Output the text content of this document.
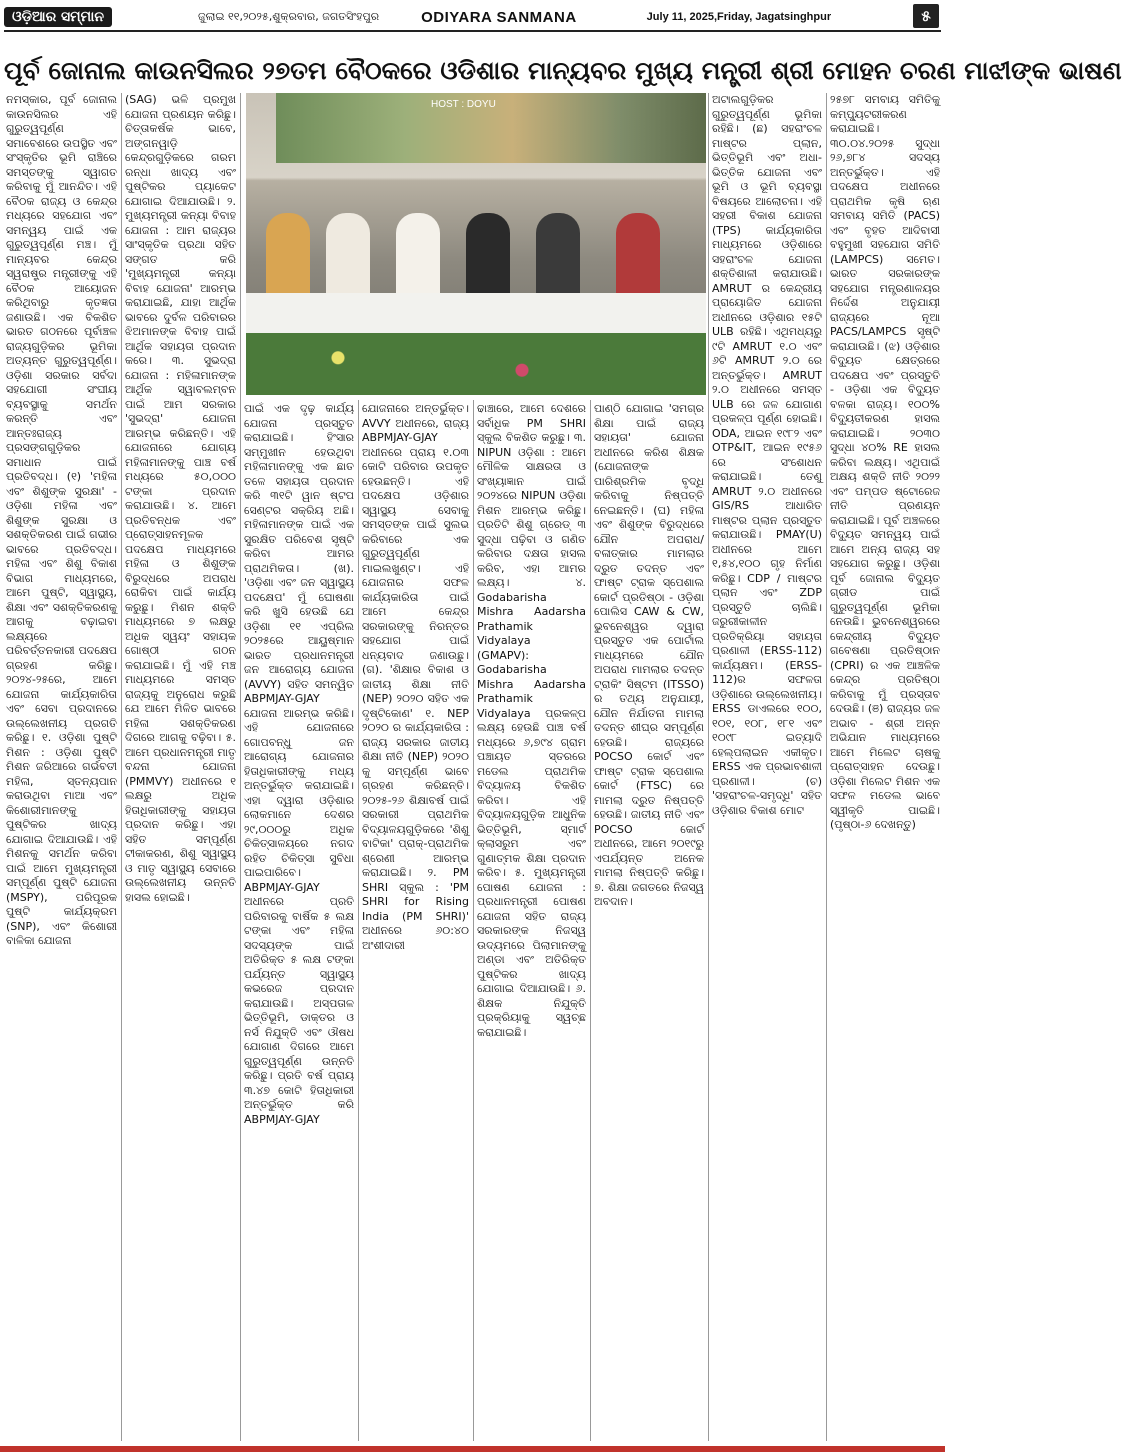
ଓଡ଼ିଆର ସମ୍ମାନ	ଜୁଲାଇ ୧୧,୨୦୨୫,ଶୁକ୍ରବାର, ଜଗତସିଂହପୁର	ODIYARA SANMANA	July 11, 2025,Friday, Jagatsinghpur	୫
ପୂର୍ବ ଜୋନାଲ କାଉନସିଲର ୨୭ତମ ବୈଠକରେ ଓଡିଶାର ମାନ୍ୟବର ମୁଖ୍ୟ ମନ୍ତ୍ରୀ ଶ୍ରୀ ମୋହନ ଚରଣ ମାଝୀଙ୍କ ଭାଷଣ
HOST : DOYU

ନମସ୍କାର, ପୂର୍ବ ଜୋନାଲ କାଉନସିଲର ଏହି ଗୁରୁତ୍ୱପୂର୍ଣ୍ଣ ସମାବେଶରେ ଉପସ୍ଥିତ ଏବଂ ସଂସ୍କୃତିର ଭୂମି ରାଞ୍ଚିରେ ସମସ୍ତଙ୍କୁ ସ୍ୱାଗତ କରିବାକୁ ମୁଁ ଆନନ୍ଦିତ। ଏହି ବୈଠକ ରାଜ୍ୟ ଓ କେନ୍ଦ୍ର ମଧ୍ୟରେ ସହଯୋଗ ଏବଂ ସମନ୍ୱୟ ପାଇଁ ଏକ ଗୁରୁତ୍ୱପୂର୍ଣ୍ଣ ମଞ୍ଚ। ମୁଁ ମାନ୍ୟବର କେନ୍ଦ୍ର ସ୍ୱରାଷ୍ଟ୍ର ମନ୍ତ୍ରୀଙ୍କୁ ଏହି ବୈଠକ ଆୟୋଜନ କରିଥିବାରୁ କୃତଜ୍ଞତା ଜଣାଉଛି। ଏକ ବିକଶିତ ଭାରତ ଗଠନରେ ପୂର୍ବାଞ୍ଚଳ ରାଜ୍ୟଗୁଡ଼ିକର ଭୂମିକା ଅତ୍ୟନ୍ତ ଗୁରୁତ୍ୱପୂର୍ଣ୍ଣ। ଓଡ଼ିଶା ସରକାର ସର୍ବଦା ସହଯୋଗୀ ସଂଘୀୟ ବ୍ୟବସ୍ଥାକୁ ସମର୍ଥନ କରନ୍ତି ଏବଂ ଆନ୍ତଃରାଜ୍ୟ ପ୍ରସଙ୍ଗଗୁଡ଼ିକର ସମାଧାନ ପାଇଁ ପ୍ରତିବଦ୍ଧ। (୧) 'ମହିଳା ଏବଂ ଶିଶୁଙ୍କ ସୁରକ୍ଷା' - ଓଡ଼ିଶା ମହିଳା ଏବଂ ଶିଶୁଙ୍କ ସୁରକ୍ଷା ଓ ସଶକ୍ତିକରଣ ପାଇଁ ଗଭୀର ଭାବରେ ପ୍ରତିବଦ୍ଧ। ମହିଳା ଏବଂ ଶିଶୁ ବିକାଶ ବିଭାଗ ମାଧ୍ୟମରେ, ଆମେ ପୁଷ୍ଟି, ସ୍ୱାସ୍ଥ୍ୟ, ଶିକ୍ଷା ଏବଂ ସଶକ୍ତିକରଣକୁ ଆଗକୁ ବଢ଼ାଇବା ଲକ୍ଷ୍ୟରେ ପରିବର୍ତ୍ତନକାରୀ ପଦକ୍ଷେପ ଗ୍ରହଣ କରିଛୁ। ୨୦୨୪-୨୫ରେ, ଆମେ ଯୋଜନା କାର୍ଯ୍ୟକାରିତା ଏବଂ ସେବା ପ୍ରଦାନରେ ଉଲ୍ଲେଖନୀୟ ପ୍ରଗତି କରିଛୁ। ୧. ଓଡ଼ିଶା ପୁଷ୍ଟି ମିଶନ : ଓଡ଼ିଶା ପୁଷ୍ଟି ମିଶନ ଜରିଆରେ ଗର୍ଭବତୀ ମହିଳା, ସ୍ତନ୍ୟପାନ କରାଉଥିବା ମାଆ ଏବଂ କିଶୋରୀମାନଙ୍କୁ ପୁଷ୍ଟିକର ଖାଦ୍ୟ ଯୋଗାଇ ଦିଆଯାଉଛି। ଏହି ମିଶନକୁ ସମର୍ଥନ କରିବା ପାଇଁ ଆମେ ମୁଖ୍ୟମନ୍ତ୍ରୀ ସମ୍ପୂର୍ଣ୍ଣ ପୁଷ୍ଟି ଯୋଜନା (MSPY), ପରିପୂରକ ପୁଷ୍ଟି କାର୍ଯ୍ୟକ୍ରମ (SNP), ଏବଂ କିଶୋରୀ ବାଳିକା ଯୋଜନା

(SAG) ଭଳି ପ୍ରମୁଖ ଯୋଜନା ପ୍ରଣୟନ କରିଛୁ। ଚିତ୍ତାକର୍ଷକ ଭାବେ, ଅଙ୍ଗନୱାଡ଼ି କେନ୍ଦ୍ରଗୁଡ଼ିକରେ ଗରମ ରନ୍ଧା ଖାଦ୍ୟ ଏବଂ ପୁଷ୍ଟିକର ପ୍ୟାକେଟ ଯୋଗାଇ ଦିଆଯାଉଛି। ୨. ମୁଖ୍ୟମନ୍ତ୍ରୀ କନ୍ୟା ବିବାହ ଯୋଜନା : ଆମ ରାଜ୍ୟର ସାଂସ୍କୃତିକ ପ୍ରଥା ସହିତ ସଙ୍ଗତ କରି 'ମୁଖ୍ୟମନ୍ତ୍ରୀ କନ୍ୟା ବିବାହ ଯୋଜନା' ଆରମ୍ଭ କରାଯାଇଛି, ଯାହା ଆର୍ଥିକ ଭାବରେ ଦୁର୍ବଳ ପରିବାରର ଝିଅମାନଙ୍କ ବିବାହ ପାଇଁ ଆର୍ଥିକ ସହାୟତା ପ୍ରଦାନ କରେ। ୩. ସୁଭଦ୍ରା ଯୋଜନା : ମହିଳାମାନଙ୍କ ଆର୍ଥିକ ସ୍ୱାବଲମ୍ବନ ପାଇଁ ଆମ ସରକାର 'ସୁଭଦ୍ରା' ଯୋଜନା ଆରମ୍ଭ କରିଛନ୍ତି। ଏହି ଯୋଜନାରେ ଯୋଗ୍ୟ ମହିଳାମାନଙ୍କୁ ପାଞ୍ଚ ବର୍ଷ ମଧ୍ୟରେ ୫୦,୦୦୦ ଟଙ୍କା ପ୍ରଦାନ କରାଯାଉଛି। ୪. ଆମେ ପ୍ରତିବନ୍ଧକ ଏବଂ ପ୍ରୋତ୍ସାହନମୂଳକ ପଦକ୍ଷେପ ମାଧ୍ୟମରେ ମହିଳା ଓ ଶିଶୁଙ୍କ ବିରୁଦ୍ଧରେ ଅପରାଧ ରୋକିବା ପାଇଁ କାର୍ଯ୍ୟ କରୁଛୁ। ମିଶନ ଶକ୍ତି ମାଧ୍ୟମରେ ୭ ଲକ୍ଷରୁ ଅଧିକ ସ୍ୱୟଂ ସହାୟକ ଗୋଷ୍ଠୀ ଗଠନ କରାଯାଇଛି। ମୁଁ ଏହି ମଞ୍ଚ ମାଧ୍ୟମରେ ସମସ୍ତ ରାଜ୍ୟକୁ ଅନୁରୋଧ କରୁଛି ଯେ ଆମେ ମିଳିତ ଭାବରେ ମହିଳା ସଶକ୍ତିକରଣ ଦିଗରେ ଆଗକୁ ବଢ଼ିବା। ୫. ଆମେ ପ୍ରଧାନମନ୍ତ୍ରୀ ମାତୃ ବନ୍ଦନା ଯୋଜନା (PMMVY) ଅଧୀନରେ ୧ ଲକ୍ଷରୁ ଅଧିକ ହିତାଧିକାରୀଙ୍କୁ ସହାୟତା ପ୍ରଦାନ କରିଛୁ। ଏହା ସହିତ ସମ୍ପୂର୍ଣ୍ଣ ଟୀକାକରଣ, ଶିଶୁ ସ୍ୱାସ୍ଥ୍ୟ ଓ ମାତୃ ସ୍ୱାସ୍ଥ୍ୟ ସେବାରେ ଉଲ୍ଲେଖନୀୟ ଉନ୍ନତି ହାସଲ ହୋଇଛି।

ପାଇଁ ଏକ ଦୃଢ଼ କାର୍ଯ୍ୟ ଯୋଜନା ପ୍ରସ୍ତୁତ କରାଯାଇଛି। ହିଂସାର ସମ୍ମୁଖୀନ ହେଉଥିବା ମହିଳାମାନଙ୍କୁ ଏକ ଛାତ ତଳେ ସହାୟତା ପ୍ରଦାନ କରି ୩୧ଟି ୱାନ ଷ୍ଟପ ସେଣ୍ଟର ସକ୍ରିୟ ଅଛି। ମହିଳାମାନଙ୍କ ପାଇଁ ଏକ ସୁରକ୍ଷିତ ପରିବେଶ ସୃଷ୍ଟି କରିବା ଆମର ପ୍ରାଥମିକତା। (ଖ). 'ଓଡ଼ିଶା ଏବଂ ଜନ ସ୍ୱାସ୍ଥ୍ୟ ପଦକ୍ଷେପ' ମୁଁ ଘୋଷଣା କରି ଖୁସି ହେଉଛି ଯେ ଓଡ଼ିଶା ୧୧ ଏପ୍ରିଲ ୨୦୨୫ରେ ଆୟୁଷ୍ମାନ ଭାରତ ପ୍ରଧାନମନ୍ତ୍ରୀ ଜନ ଆରୋଗ୍ୟ ଯୋଜନା (AVVY) ସହିତ ସମନ୍ୱିତ ABPMJAY-GJAY ଯୋଜନା ଆରମ୍ଭ କରିଛି। ଏହି ଯୋଜନାରେ ଗୋପବନ୍ଧୁ ଜନ ଆରୋଗ୍ୟ ଯୋଜନାର ହିତାଧିକାରୀଙ୍କୁ ମଧ୍ୟ ଅନ୍ତର୍ଭୁକ୍ତ କରାଯାଇଛି। ଏହା ଦ୍ୱାରା ଓଡ଼ିଶାର ଲୋକମାନେ ଦେଶର ୨୯,୦୦୦ରୁ ଅଧିକ ଚିକିତ୍ସାଳୟରେ ନଗଦ ରହିତ ଚିକିତ୍ସା ସୁବିଧା ପାଇପାରିବେ। ABPMJAY-GJAY ଅଧୀନରେ ପ୍ରତି ପରିବାରକୁ ବାର୍ଷିକ ୫ ଲକ୍ଷ ଟଙ୍କା ଏବଂ ମହିଳା ସଦସ୍ୟଙ୍କ ପାଇଁ ଅତିରିକ୍ତ ୫ ଲକ୍ଷ ଟଙ୍କା ପର୍ଯ୍ୟନ୍ତ ସ୍ୱାସ୍ଥ୍ୟ କଭରେଜ ପ୍ରଦାନ କରାଯାଉଛି। ଅସ୍ପତାଳ ଭିତ୍ତିଭୂମି, ଡାକ୍ତର ଓ ନର୍ସ ନିଯୁକ୍ତି ଏବଂ ଔଷଧ ଯୋଗାଣ ଦିଗରେ ଆମେ ଗୁରୁତ୍ୱପୂର୍ଣ୍ଣ ଉନ୍ନତି କରିଛୁ। ପ୍ରତି ବର୍ଷ ପ୍ରାୟ ୩.୪୭ କୋଟି ହିତାଧିକାରୀ ଅନ୍ତର୍ଭୁକ୍ତ କରି ABPMJAY-GJAY

ଯୋଜନାରେ ଅନ୍ତର୍ଭୁକ୍ତ। AVVY ଅଧୀନରେ, ରାଜ୍ୟ ABPMJAY-GJAY ଅଧୀନରେ ପ୍ରାୟ ୧.୦୩ କୋଟି ପରିବାର ଉପକୃତ ହେଉଛନ୍ତି। ଏହି ପଦକ୍ଷେପ ଓଡ଼ିଶାର ସ୍ୱାସ୍ଥ୍ୟ ସେବାକୁ ସମସ୍ତଙ୍କ ପାଇଁ ସୁଲଭ କରିବାରେ ଏକ ଗୁରୁତ୍ୱପୂର୍ଣ୍ଣ ମାଇଲଖୁଣ୍ଟ। ଏହି ଯୋଜନାର ସଫଳ କାର୍ଯ୍ୟକାରିତା ପାଇଁ ଆମେ କେନ୍ଦ୍ର ସରକାରଙ୍କୁ ନିରନ୍ତର ସହଯୋଗ ପାଇଁ ଧନ୍ୟବାଦ ଜଣାଉଛୁ। (ଗ). 'ଶିକ୍ଷାର ବିକାଶ ଓ ଜାତୀୟ ଶିକ୍ଷା ନୀତି (NEP) ୨୦୨୦ ସହିତ ଏକ ଦୃଷ୍ଟିକୋଣ' ୧. NEP ୨୦୨୦ ର କାର୍ଯ୍ୟକାରିତା : ରାଜ୍ୟ ସରକାର ଜାତୀୟ ଶିକ୍ଷା ନୀତି (NEP) ୨୦୨୦ କୁ ସମ୍ପୂର୍ଣ୍ଣ ଭାବେ ଗ୍ରହଣ କରିଛନ୍ତି। ୨୦୨୫-୨୬ ଶିକ୍ଷାବର୍ଷ ପାଇଁ ସରକାରୀ ପ୍ରାଥମିକ ବିଦ୍ୟାଳୟଗୁଡ଼ିକରେ 'ଶିଶୁ ବାଟିକା' ପ୍ରାକ୍-ପ୍ରାଥମିକ ଶ୍ରେଣୀ ଆରମ୍ଭ କରାଯାଇଛି। ୨. PM SHRI ସ୍କୁଲ : 'PM SHRI for Rising India (PM SHRI)' ଅଧୀନରେ ୬୦:୪୦ ଅଂଶୀଦାରୀ

ଢାଞ୍ଚାରେ, ଆମେ ଦେଶରେ ସର୍ବାଧିକ PM SHRI ସ୍କୁଲ ବିକଶିତ କରୁଛୁ। ୩. NIPUN ଓଡ଼ିଶା : ଆମେ ମୌଳିକ ସାକ୍ଷରତା ଓ ସଂଖ୍ୟାଜ୍ଞାନ ପାଇଁ ୨୦୨୪ରେ NIPUN ଓଡ଼ିଶା ମିଶନ ଆରମ୍ଭ କରିଛୁ। ପ୍ରତିଟି ଶିଶୁ ଗ୍ରେଡ୍ ୩ ସୁଦ୍ଧା ପଢ଼ିବା ଓ ଗଣିତ କରିବାର ଦକ୍ଷତା ହାସଲ କରିବ, ଏହା ଆମର ଲକ୍ଷ୍ୟ। ୪. Godabarisha Mishra Aadarsha Prathamik Vidyalaya (GMAPV): Godabarisha Mishra Aadarsha Prathamik Vidyalaya ପ୍ରକଳ୍ପ ଲକ୍ଷ୍ୟ ହେଉଛି ପାଞ୍ଚ ବର୍ଷ ମଧ୍ୟରେ ୬,୭୯୪ ଗ୍ରାମ ପଞ୍ଚାୟତ ସ୍ତରରେ ମଡେଲ ପ୍ରାଥମିକ ବିଦ୍ୟାଳୟ ବିକଶିତ କରିବା। ଏହି ବିଦ୍ୟାଳୟଗୁଡ଼ିକ ଆଧୁନିକ ଭିତ୍ତିଭୂମି, ସ୍ମାର୍ଟ କ୍ଲାସରୁମ ଏବଂ ଗୁଣାତ୍ମକ ଶିକ୍ଷା ପ୍ରଦାନ କରିବ। ୫. ମୁଖ୍ୟମନ୍ତ୍ରୀ ପୋଷଣ ଯୋଜନା : ପ୍ରଧାନମନ୍ତ୍ରୀ ପୋଷଣ ଯୋଜନା ସହିତ ରାଜ୍ୟ ସରକାରଙ୍କ ନିଜସ୍ୱ ଉଦ୍ୟମରେ ପିଲାମାନଙ୍କୁ ଅଣ୍ଡା ଏବଂ ଅତିରିକ୍ତ ପୁଷ୍ଟିକର ଖାଦ୍ୟ ଯୋଗାଇ ଦିଆଯାଉଛି। ୬. ଶିକ୍ଷକ ନିଯୁକ୍ତି ପ୍ରକ୍ରିୟାକୁ ସ୍ୱଚ୍ଛ କରାଯାଇଛି।

ପାଣ୍ଠି ଯୋଗାଇ 'ସମଗ୍ର ଶିକ୍ଷା ପାଇଁ ରାଜ୍ୟ ସହାୟତା' ଯୋଜନା ଅଧୀନରେ କରିଶ ଶିକ୍ଷକ (ଯୋଜନାଙ୍କ ପାରିଶ୍ରମିକ ବୃଦ୍ଧି କରିବାକୁ ନିଷ୍ପତ୍ତି ନେଇଛନ୍ତି। (ଘ) ମହିଳା ଏବଂ ଶିଶୁଙ୍କ ବିରୁଦ୍ଧରେ ଯୌନ ଅପରାଧ/ ବଳାତ୍କାର ମାମଲାର ଦ୍ରୁତ ତଦନ୍ତ ଏବଂ ଫାଷ୍ଟ ଟ୍ରାକ ସ୍ପେଶାଲ କୋର୍ଟ ପ୍ରତିଷ୍ଠା - ଓଡ଼ିଶା ପୋଲିସ CAW & CW, ଭୁବନେଶ୍ୱର ଦ୍ୱାରା ପ୍ରସ୍ତୁତ ଏକ ପୋର୍ଟାଲ ମାଧ୍ୟମରେ ଯୌନ ଅପରାଧ ମାମଲାର ତଦନ୍ତ ଟ୍ରାକିଂ ସିଷ୍ଟମ (ITSSO) ର ତଥ୍ୟ ଅନୁଯାୟୀ, ଯୌନ ନିର୍ଯାତନା ମାମଲା ତଦନ୍ତ ଶୀଘ୍ର ସମ୍ପୂର୍ଣ୍ଣ ହେଉଛି। ରାଜ୍ୟରେ POCSO କୋର୍ଟ ଏବଂ ଫାଷ୍ଟ ଟ୍ରାକ ସ୍ପେଶାଲ କୋର୍ଟ (FTSC) ରେ ମାମଲା ଦ୍ରୁତ ନିଷ୍ପତ୍ତି ହେଉଛି। ଜାତୀୟ ନୀତି ଏବଂ POCSO କୋର୍ଟ ଅଧୀନରେ, ଆମେ ୨୦୧୯ରୁ ଏପର୍ଯ୍ୟନ୍ତ ଅନେକ ମାମଲା ନିଷ୍ପତ୍ତି କରିଛୁ। ୭. ଶିକ୍ଷା ଜଗତରେ ନିଜସ୍ୱ ଅବଦାନ।

ଅଟାଲଗୁଡ଼ିକର ଗୁରୁତ୍ୱପୂର୍ଣ୍ଣ ଭୂମିକା ରହିଛି। (ଛ) ସହରାଂଚଳ ମାଷ୍ଟର ପ୍ଲାନ, ଭିତ୍ତିଭୂମି ଏବଂ ଅଧା-ଭିତ୍ତିକ ଯୋଜନା ଏବଂ ଭୂମି ଓ ଭୂମି ବ୍ୟବସ୍ଥା ବିଷୟରେ ଆଲୋଚନା। ଏହି ସହରୀ ବିକାଶ ଯୋଜନା (TPS) କାର୍ଯ୍ୟକାରିତା ମାଧ୍ୟମରେ ଓଡ଼ିଶାରେ ସହରାଂଚଳ ଯୋଜନା ଶକ୍ତିଶାଳୀ କରାଯାଉଛି। AMRUT ର କେନ୍ଦ୍ରୀୟ ପ୍ରାୟୋଜିତ ଯୋଜନା ଅଧୀନରେ ଓଡ଼ିଶାର ୧୫ଟି ULB ରହିଛି। ଏଥିମଧ୍ୟରୁ ୯ଟି AMRUT ୧.୦ ଏବଂ ୬ଟି AMRUT ୨.୦ ରେ ଅନ୍ତର୍ଭୁକ୍ତ। AMRUT ୨.୦ ଅଧୀନରେ ସମସ୍ତ ULB ରେ ଜଳ ଯୋଗାଣ ପ୍ରକଳ୍ପ ପୂର୍ଣ୍ଣ ହୋଇଛି। ODA, ଆଇନ ୧୯୮୨ ଏବଂ OTP&IT, ଆଇନ ୧୯୫୬ ରେ ସଂଶୋଧନ କରାଯାଇଛି। ତେଣୁ AMRUT ୨.୦ ଅଧୀନରେ GIS/RS ଆଧାରିତ ମାଷ୍ଟର ପ୍ଲାନ ପ୍ରସ୍ତୁତ କରାଯାଉଛି। PMAY(U) ଅଧୀନରେ ଆମେ ୧,୫୪,୧୦୦ ଗୃହ ନିର୍ମାଣ କରିଛୁ। CDP / ମାଷ୍ଟର ପ୍ଲାନ ଏବଂ ZDP ପ୍ରସ୍ତୁତି ଚାଲିଛି। ଜରୁରୀକାଳୀନ ପ୍ରତିକ୍ରିୟା ସହାୟତା ପ୍ରଣାଳୀ (ERSS-112) କାର୍ଯ୍ୟକ୍ଷମ। (ERSS-112)ର ସଫଳତା ଓଡ଼ିଶାରେ ଉଲ୍ଲେଖନୀୟ। ERSS ଡାଏଲରେ ୧୦୦, ୧୦୧, ୧୦୮, ୧୮୧ ଏବଂ ୧୦୯୮ ଇତ୍ୟାଦି ହେଲ୍ପଲାଇନ ଏକୀକୃତ। ERSS ଏକ ପ୍ରଭାବଶାଳୀ ପ୍ରଣାଳୀ। (ଚ) 'ସହରାଂଚଳ-ସମୃଦ୍ଧି' ସହିତ ଓଡ଼ିଶାର ବିକାଶ ମୋଟ

୨୫୭୮ ସମବାୟ ସମିତିକୁ କମ୍ପ୍ୟୁଟରୀକରଣ କରାଯାଇଛି। ୩୦.୦୪.୨୦୨୫ ସୁଦ୍ଧା ୨୬,୭୮୪ ସଦସ୍ୟ ଅନ୍ତର୍ଭୁକ୍ତ। ଏହି ପଦକ୍ଷେପ ଅଧୀନରେ ପ୍ରାଥମିକ କୃଷି ଋଣ ସମବାୟ ସମିତି (PACS) ଏବଂ ବୃହତ ଆଦିବାସୀ ବହୁମୁଖୀ ସହଯୋଗ ସମିତି (LAMPCS) ସମେତ। ଭାରତ ସରକାରଙ୍କ ସହଯୋଗ ମନ୍ତ୍ରଣାଳୟର ନିର୍ଦ୍ଦେଶ ଅନୁଯାୟୀ ରାଜ୍ୟରେ ନୂଆ PACS/LAMPCS ସୃଷ୍ଟି କରାଯାଉଛି। (ଝ) ଓଡ଼ିଶାର ବିଦ୍ୟୁତ କ୍ଷେତ୍ରରେ ପଦକ୍ଷେପ ଏବଂ ପ୍ରସ୍ତୁତି - ଓଡ଼ିଶା ଏକ ବିଦ୍ୟୁତ ବଳକା ରାଜ୍ୟ। ୧୦୦% ବିଦ୍ୟୁତୀକରଣ ହାସଲ କରାଯାଇଛି। ୨୦୩୦ ସୁଦ୍ଧା ୪୦% RE ହାସଲ କରିବା ଲକ୍ଷ୍ୟ। ଏଥିପାଇଁ ଅକ୍ଷୟ ଶକ୍ତି ନୀତି ୨୦୨୨ ଏବଂ ପମ୍ପଡ ଷ୍ଟୋରେଜ ନୀତି ପ୍ରଣୟନ କରାଯାଇଛି। ପୂର୍ବ ଅଞ୍ଚଳରେ ବିଦ୍ୟୁତ ସମନ୍ୱୟ ପାଇଁ ଆମେ ଅନ୍ୟ ରାଜ୍ୟ ସହ ସହଯୋଗ କରୁଛୁ। ଓଡ଼ିଶା ପୂର୍ବ ଜୋନାଲ ବିଦ୍ୟୁତ ଗ୍ରୀଡ ପାଇଁ ଗୁରୁତ୍ୱପୂର୍ଣ୍ଣ ଭୂମିକା ନେଉଛି। ଭୁବନେଶ୍ୱରରେ କେନ୍ଦ୍ରୀୟ ବିଦ୍ୟୁତ ଗବେଷଣା ପ୍ରତିଷ୍ଠାନ (CPRI) ର ଏକ ଆଞ୍ଚଳିକ କେନ୍ଦ୍ର ପ୍ରତିଷ୍ଠା କରିବାକୁ ମୁଁ ପ୍ରସ୍ତାବ ଦେଉଛି। (ଞ) ରାଜ୍ୟର ଜଳ ଅଭାବ - ଶ୍ରୀ ଅନ୍ନ ଅଭିଯାନ ମାଧ୍ୟମରେ ଆମେ ମିଲେଟ ଚାଷକୁ ପ୍ରୋତ୍ସାହନ ଦେଉଛୁ। ଓଡ଼ିଶା ମିଲେଟ ମିଶନ ଏକ ସଫଳ ମଡେଲ ଭାବେ ସ୍ୱୀକୃତି ପାଇଛି। (ପୃଷ୍ଠା-୬ ଦେଖନ୍ତୁ)
